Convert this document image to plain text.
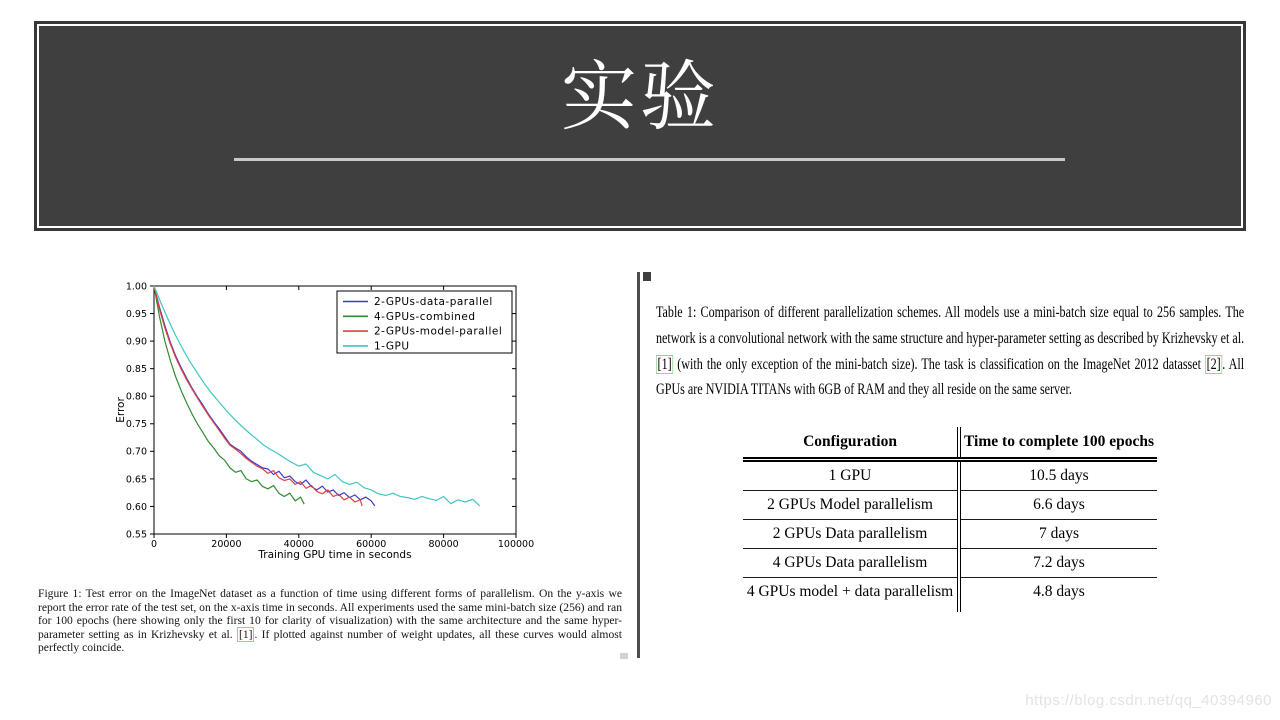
实验
0	20000	40000	60000	80000	100000
0.55
0.60
0.65
0.70
0.75
0.80
0.85
0.90
0.95
1.00
Training GPU time in seconds
Error
2-GPUs-data-parallel
4-GPUs-combined
2-GPUs-model-parallel
1-GPU

Figure 1: Test error on the ImageNet dataset as a function of time using different forms of parallelism. On the y-axis we report the error rate of the test set, on the x-axis time in seconds. All experiments used the same mini-batch size (256) and ran for 100 epochs (here showing only the first 10 for clarity of visualization) with the same architecture and the same hyper-parameter setting as in Krizhevsky et al. [1] . If plotted against number of weight updates, all these curves would almost perfectly coincide.

Table 1: Comparison of different parallelization schemes. All models use a mini-batch size equal to 256 samples. The network is a convolutional network with the same structure and hyper-parameter setting as described by Krizhevsky et al. [1] (with the only exception of the mini-batch size). The task is classification on the ImageNet 2012 datasset [2] . All GPUs are NVIDIA TITANs with 6GB of RAM and they all reside on the same server.

Configuration	Time to complete 100 epochs
1 GPU	10.5 days
2 GPUs Model parallelism	6.6 days
2 GPUs Data parallelism	7 days
4 GPUs Data parallelism	7.2 days
4 GPUs model + data parallelism	4.8 days
https://blog.csdn.net/qq_40394960
